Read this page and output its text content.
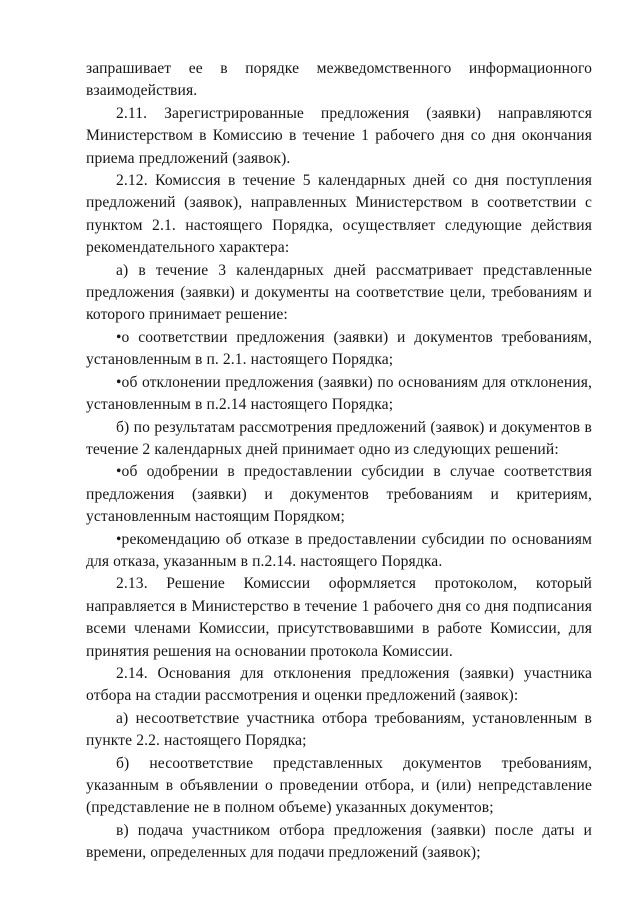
запрашивает ее в порядке межведомственного информационного взаимодействия.

2.11. Зарегистрированные предложения (заявки) направляются Министерством в Комиссию в течение 1 рабочего дня со дня окончания приема предложений (заявок).

2.12. Комиссия в течение 5 календарных дней со дня поступления предложений (заявок), направленных Министерством в соответствии с пунктом 2.1. настоящего Порядка, осуществляет следующие действия рекомендательного характера:

а) в течение 3 календарных дней рассматривает представленные предложения (заявки) и документы на соответствие цели, требованиям и которого принимает решение:

•о соответствии предложения (заявки) и документов требованиям, установленным в п. 2.1. настоящего Порядка;

•об отклонении предложения (заявки) по основаниям для отклонения, установленным в п.2.14 настоящего Порядка;

б) по результатам рассмотрения предложений (заявок) и документов в течение 2 календарных дней принимает одно из следующих решений:

•об одобрении в предоставлении субсидии в случае соответствия предложения (заявки) и документов требованиям и критериям, установленным настоящим Порядком;

•рекомендацию об отказе в предоставлении субсидии по основаниям для отказа, указанным в п.2.14. настоящего Порядка.

2.13. Решение Комиссии оформляется протоколом, который направляется в Министерство в течение 1 рабочего дня со дня подписания всеми членами Комиссии, присутствовавшими в работе Комиссии, для принятия решения на основании протокола Комиссии.

2.14. Основания для отклонения предложения (заявки) участника отбора на стадии рассмотрения и оценки предложений (заявок):

а) несоответствие участника отбора требованиям, установленным в пункте 2.2. настоящего Порядка;

б) несоответствие представленных документов требованиям, указанным в объявлении о проведении отбора, и (или) непредставление (представление не в полном объеме) указанных документов;

в) подача участником отбора предложения (заявки) после даты и времени, определенных для подачи предложений (заявок);
